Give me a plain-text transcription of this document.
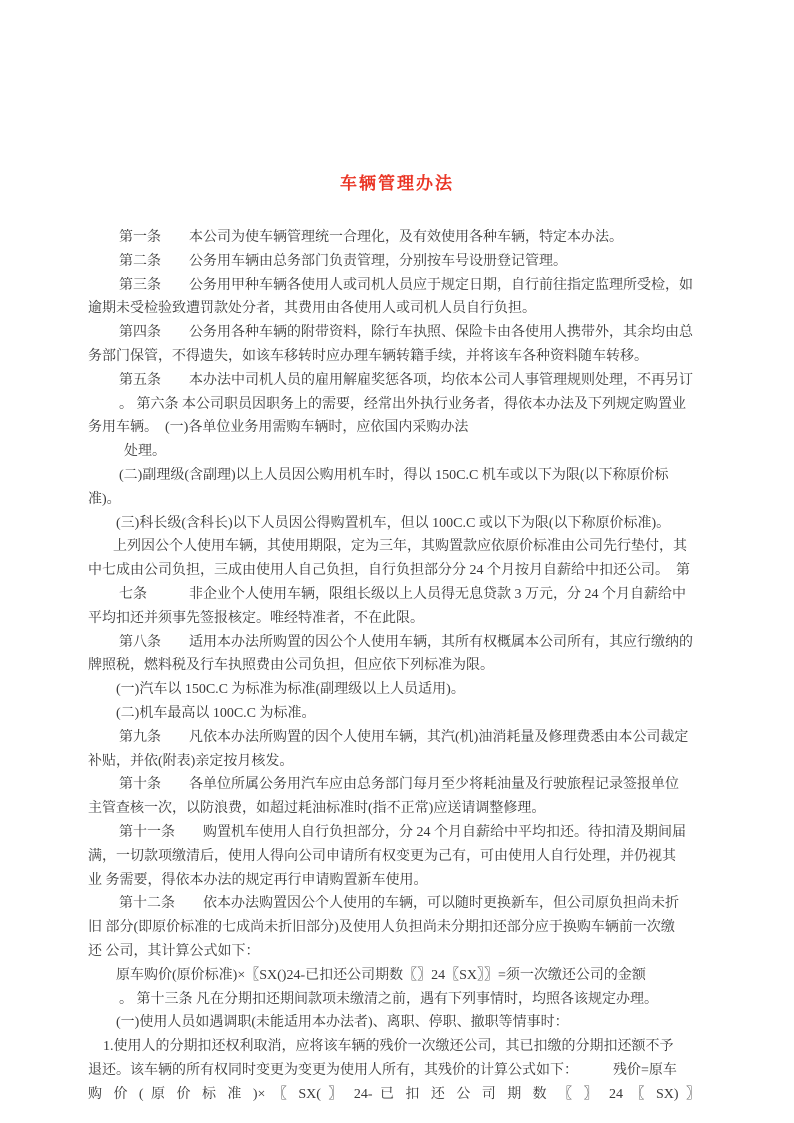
车辆管理办法
第一条　　本公司为使车辆管理统一合理化，及有效使用各种车辆，特定本办法。
第二条　　公务用车辆由总务部门负责管理，分别按车号设册登记管理。
第三条　　公务用甲种车辆各使用人或司机人员应于规定日期，自行前往指定监理所受检，如
逾期未受检验致遭罚款处分者，其费用由各使用人或司机人员自行负担。
第四条　　公务用各种车辆的附带资料，除行车执照、保险卡由各使用人携带外，其余均由总
务部门保管，不得遗失，如该车移转时应办理车辆转籍手续，并将该车各种资料随车转移。
第五条　　本办法中司机人员的雇用解雇奖惩各项，均依本公司人事管理规则处理，不再另订
。 第六条 本公司职员因职务上的需要，经常出外执行业务者，得依本办法及下列规定购置业
务用车辆。　(一)各单位业务用需购车辆时，应依国内采购办法
处理。
(二)副理级(含副理)以上人员因公购用机车时，得以 150C.C 机车或以下为限(以下称原价标
准)。
(三)科长级(含科长)以下人员因公得购置机车，但以 100C.C 或以下为限(以下称原价标准)。
上列因公个人使用车辆，其使用期限，定为三年，其购置款应依原价标准由公司先行垫付，其
中七成由公司负担，三成由使用人自己负担，自行负担部分分 24 个月按月自薪给中扣还公司。　第
七条　　　非企业个人使用车辆，限组长级以上人员得无息贷款 3 万元，分 24 个月自薪给中
平均扣还并须事先签报核定。唯经特准者，不在此限。
第八条　　适用本办法所购置的因公个人使用车辆，其所有权概属本公司所有，其应行缴纳的
牌照税，燃料税及行车执照费由公司负担，但应依下列标准为限。
(一)汽车以 150C.C 为标准为标准(副理级以上人员适用)。
(二)机车最高以 100C.C 为标准。
第九条　　凡依本办法所购置的因个人使用车辆，其汽(机)油消耗量及修理费悉由本公司裁定
补贴，并依(附表)亲定按月核发。
第十条　　各单位所属公务用汽车应由总务部门每月至少将耗油量及行驶旅程记录签报单位
主管查核一次，以防浪费，如超过耗油标准时(指不正常)应送请调整修理。
第十一条　　购置机车使用人自行负担部分，分 24 个月自薪给中平均扣还。待扣清及期间届
满，一切款项缴清后，使用人得向公司申请所有权变更为己有，可由使用人自行处理，并仍视其
业 务需要，得依本办法的规定再行申请购置新车使用。
第十二条　　依本办法购置因公个人使用的车辆，可以随时更换新车，但公司原负担尚未折
旧 部分(即原价标准的七成尚未折旧部分)及使用人负担尚未分期扣还部分应于换购车辆前一次缴
还 公司，其计算公式如下：
原车购价(原价标准)×〖SX()24-已扣还公司期数〖〗24〖SX〗〗=须一次缴还公司的金额
。 第十三条 凡在分期扣还期间款项未缴清之前，遇有下列事情时，均照各该规定办理。
(一)使用人员如遇调职(未能适用本办法者)、离职、停职、撤职等情事时：
1.使用人的分期扣还权利取消，应将该车辆的残价一次缴还公司，其已扣缴的分期扣还额不予
退还。该车辆的所有权同时变更为变更为使用人所有，其残价的计算公式如下：　　　残价=原车
购 价 ( 原 价 标 准 )× 〖 SX( 〗 24- 已 扣 还 公 司 期 数 〖 〗 24 〖 SX) 〗
